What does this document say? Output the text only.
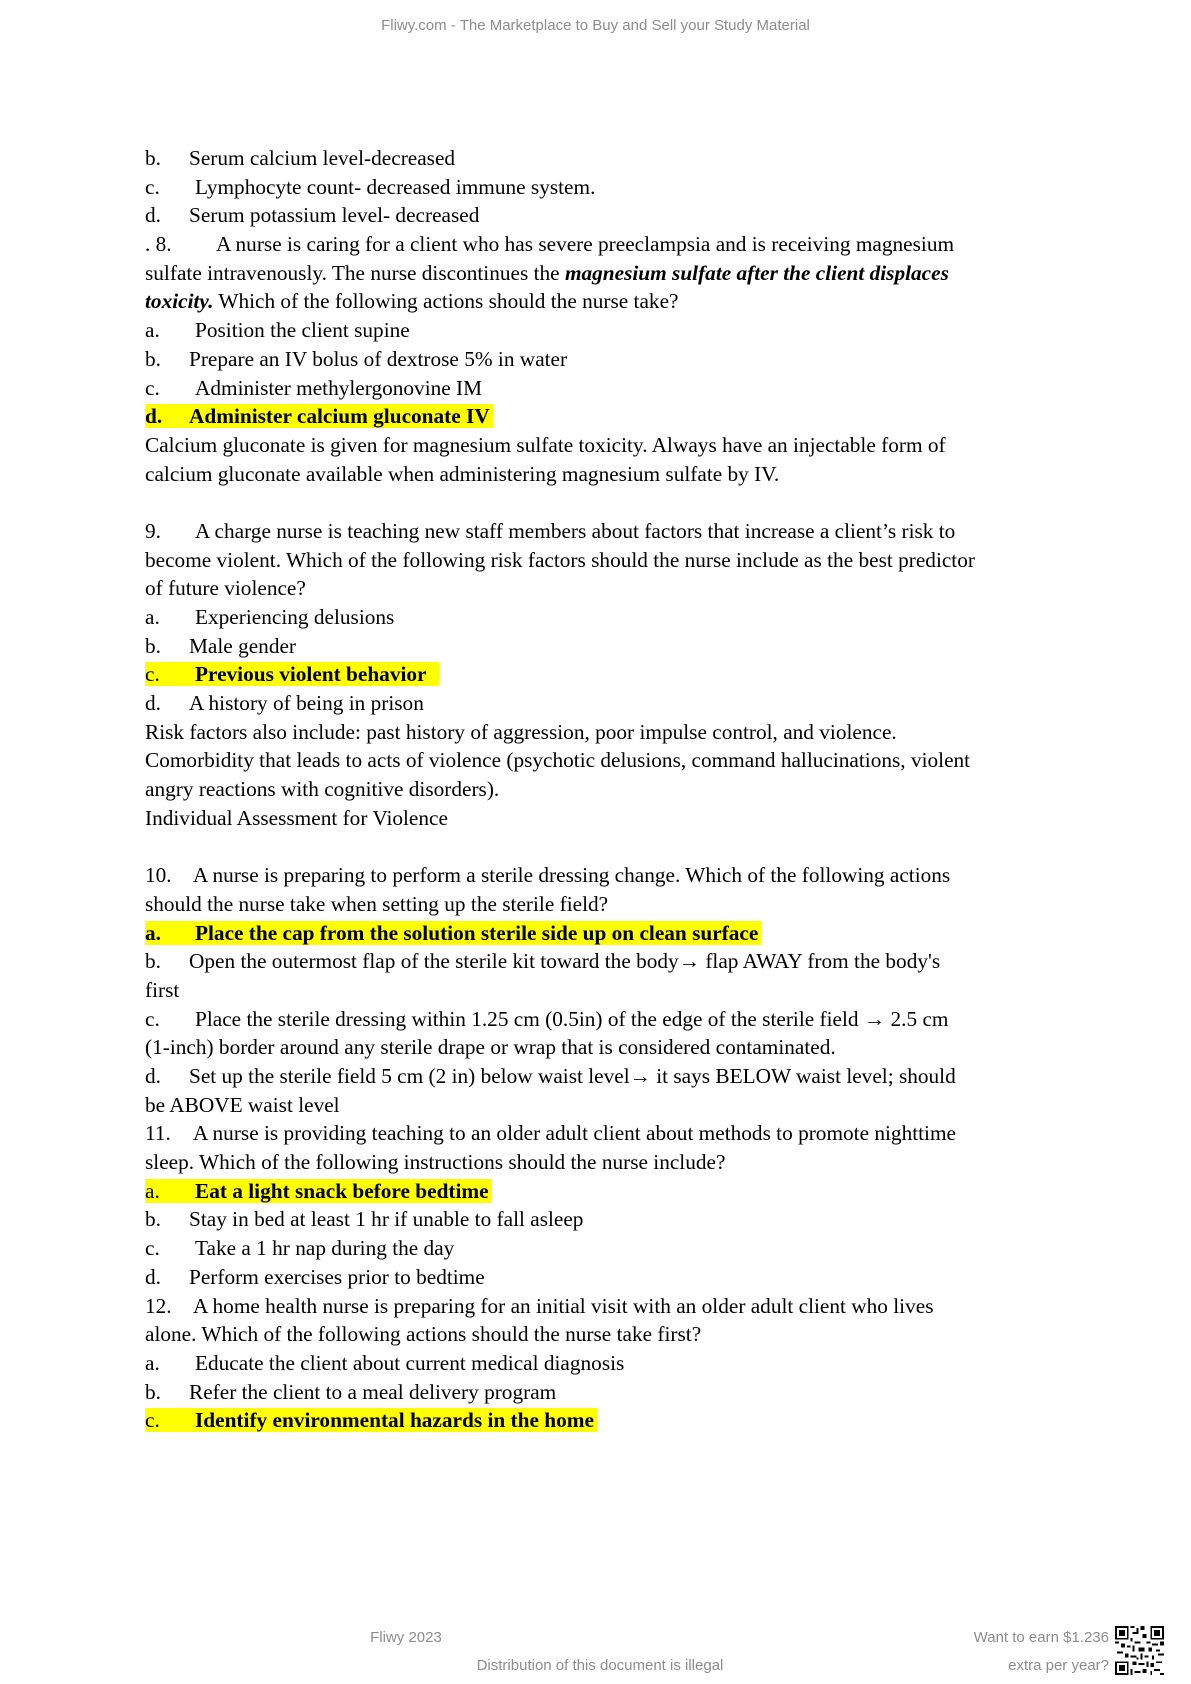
Fliwy.com - The Marketplace to Buy and Sell your Study Material
b. Serum calcium level-decreased
c. Lymphocyte count- decreased immune system.
d. Serum potassium level- decreased
. 8. A nurse is caring for a client who has severe preeclampsia and is receiving magnesium
sulfate intravenously. The nurse discontinues the magnesium sulfate after the client displaces
toxicity. Which of the following actions should the nurse take?
a. Position the client supine
b. Prepare an IV bolus of dextrose 5% in water
c. Administer methylergonovine IM
d. Administer calcium gluconate IV
Calcium gluconate is given for magnesium sulfate toxicity. Always have an injectable form of
calcium gluconate available when administering magnesium sulfate by IV.
9. A charge nurse is teaching new staff members about factors that increase a client’s risk to
become violent. Which of the following risk factors should the nurse include as the best predictor
of future violence?
a. Experiencing delusions
b. Male gender
c. Previous violent behavior
d. A history of being in prison
Risk factors also include: past history of aggression, poor impulse control, and violence.
Comorbidity that leads to acts of violence (psychotic delusions, command hallucinations, violent
angry reactions with cognitive disorders).
Individual Assessment for Violence
10. A nurse is preparing to perform a sterile dressing change. Which of the following actions
should the nurse take when setting up the sterile field?
a. Place the cap from the solution sterile side up on clean surface
b. Open the outermost flap of the sterile kit toward the body→ flap AWAY from the body's
first
c. Place the sterile dressing within 1.25 cm (0.5in) of the edge of the sterile field → 2.5 cm
(1-inch) border around any sterile drape or wrap that is considered contaminated.
d. Set up the sterile field 5 cm (2 in) below waist level→ it says BELOW waist level; should
be ABOVE waist level
11. A nurse is providing teaching to an older adult client about methods to promote nighttime
sleep. Which of the following instructions should the nurse include?
a. Eat a light snack before bedtime
b. Stay in bed at least 1 hr if unable to fall asleep
c. Take a 1 hr nap during the day
d. Perform exercises prior to bedtime
12. A home health nurse is preparing for an initial visit with an older adult client who lives
alone. Which of the following actions should the nurse take first?
a. Educate the client about current medical diagnosis
b. Refer the client to a meal delivery program
c. Identify environmental hazards in the home
Fliwy 2023
Distribution of this document is illegal
Want to earn $1.236
extra per year?
